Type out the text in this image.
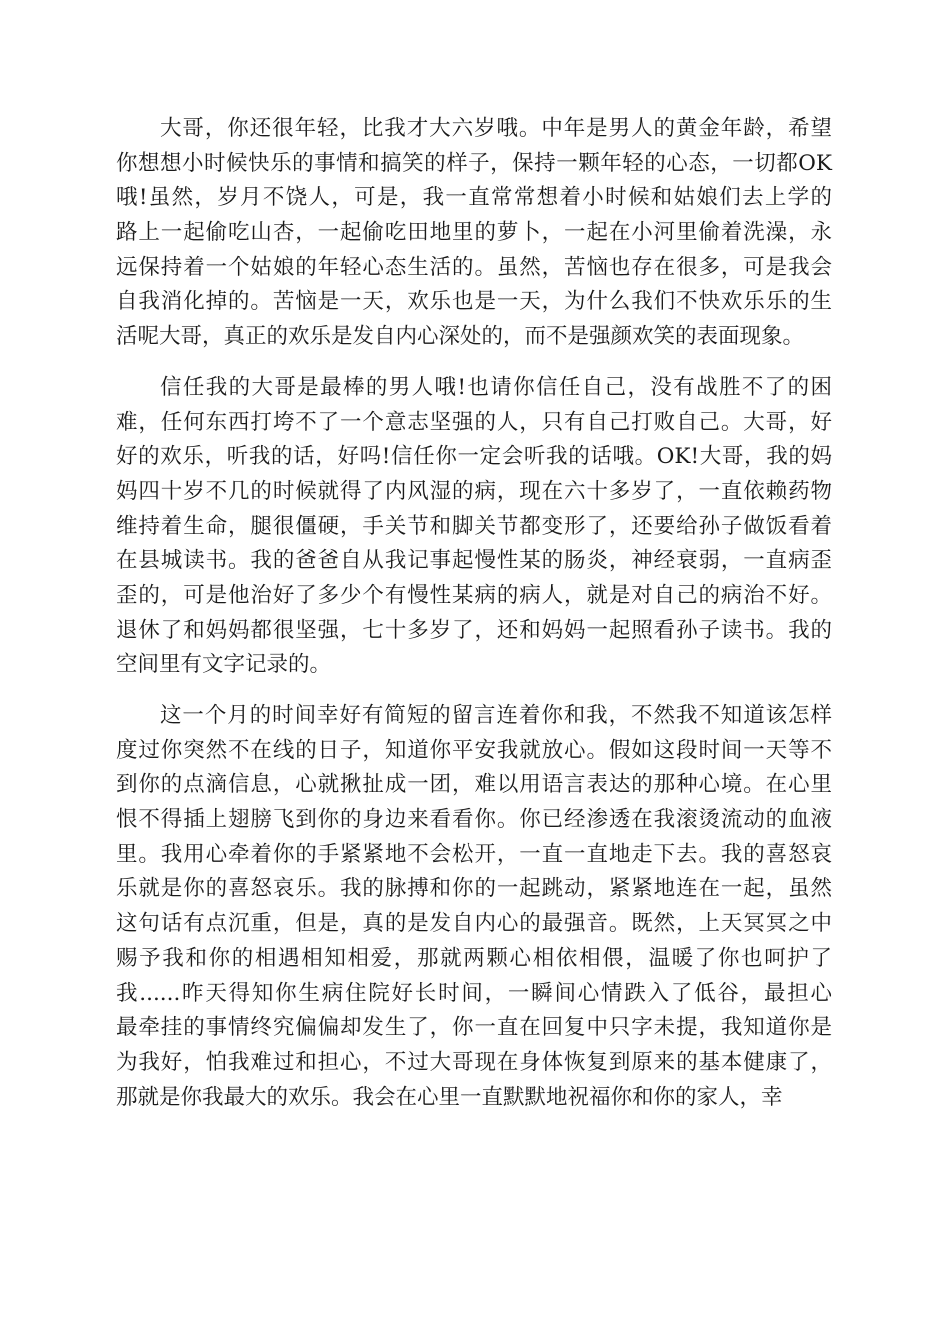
大哥，你还很年轻，比我才大六岁哦。中年是男人的黄金年龄，希望
你想想小时候快乐的事情和搞笑的样子，保持一颗年轻的心态，一切都OK
哦!虽然，岁月不饶人，可是，我一直常常想着小时候和姑娘们去上学的
路上一起偷吃山杏，一起偷吃田地里的萝卜，一起在小河里偷着洗澡，永
远保持着一个姑娘的年轻心态生活的。虽然，苦恼也存在很多，可是我会
自我消化掉的。苦恼是一天，欢乐也是一天，为什么我们不快欢乐乐的生
活呢大哥，真正的欢乐是发自内心深处的，而不是强颜欢笑的表面现象。
信任我的大哥是最棒的男人哦!也请你信任自己，没有战胜不了的困
难，任何东西打垮不了一个意志坚强的人，只有自己打败自己。大哥，好
好的欢乐，听我的话，好吗!信任你一定会听我的话哦。OK!大哥，我的妈
妈四十岁不几的时候就得了内风湿的病，现在六十多岁了，一直依赖药物
维持着生命，腿很僵硬，手关节和脚关节都变形了，还要给孙子做饭看着
在县城读书。我的爸爸自从我记事起慢性某的肠炎，神经衰弱，一直病歪
歪的，可是他治好了多少个有慢性某病的病人，就是对自己的病治不好。
退休了和妈妈都很坚强，七十多岁了，还和妈妈一起照看孙子读书。我的
空间里有文字记录的。
这一个月的时间幸好有简短的留言连着你和我，不然我不知道该怎样
度过你突然不在线的日子，知道你平安我就放心。假如这段时间一天等不
到你的点滴信息，心就揪扯成一团，难以用语言表达的那种心境。在心里
恨不得插上翅膀飞到你的身边来看看你。你已经渗透在我滚烫流动的血液
里。我用心牵着你的手紧紧地不会松开，一直一直地走下去。我的喜怒哀
乐就是你的喜怒哀乐。我的脉搏和你的一起跳动，紧紧地连在一起，虽然
这句话有点沉重，但是，真的是发自内心的最强音。既然，上天冥冥之中
赐予我和你的相遇相知相爱，那就两颗心相依相偎，温暖了你也呵护了
我......昨天得知你生病住院好长时间，一瞬间心情跌入了低谷，最担心
最牵挂的事情终究偏偏却发生了，你一直在回复中只字未提，我知道你是
为我好，怕我难过和担心，不过大哥现在身体恢复到原来的基本健康了，
那就是你我最大的欢乐。我会在心里一直默默地祝福你和你的家人，幸
